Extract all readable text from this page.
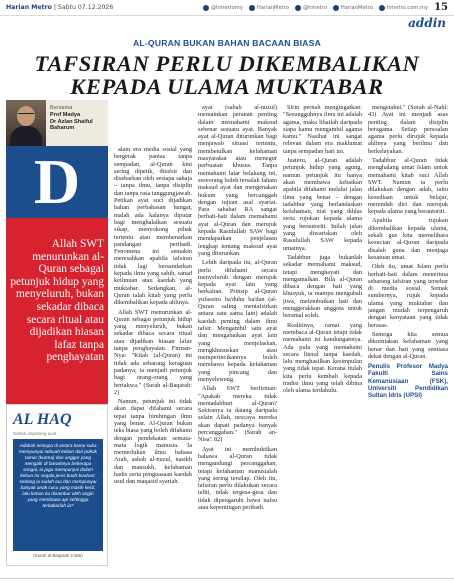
Harian Metro | Sabtu 07.12.2026	@hmetromy	HarianMetro	@hmetro	HarianMetro	hmetro.com.my 15
addin
AL-QURAN BUKAN BAHAN BACAAN BIASA
TAFSIRAN PERLU DIKEMBALIKAN
KEPADA ULAMA MUKTABAR
Bersama
Prof Madya
Dr Azlan Shaiful
Baharum
D
Allah SWT menurunkan al-Quran sebagai petunjuk hidup yang menyeluruh, bukan sekadar dibaca secara ritual atau dijadikan hiasan lafaz tanpa penghayatan
AL HAQ
Sehari sepotong ayat
Adakah sesiapa di antara kamu suka mempunyai sebuah kebun dari pokok tamar (kurma) dan anggur yang mengalir di bawahnya beberapa sungai, ia juga mempunyai dalam kebun itu segala jenis buah-buahan; sedang ia sudah tua dan mempunyai banyak anak cucu yang masih kecil, lalu kebun itu disambar oleh angin yang membawa api sehingga terbakarlah ia?
(Surah al-Baqarah 2:266)

alam era media sosial yang bergerak pantas tanpa sempadan, al-Quran kini sering dipetik, ditafsir dan disebarkan oleh sesiapa sahaja – tanpa ilmu, tanpa disiplin dan tanpa rasa tanggungjawab. Petikan ayat suci dijadikan bahan perbahasan hangat, malah ada kalanya diputar bagi menghalalkan sesuatu sikap, menyokong pihak tertentu atau membenarkan pandangan peribadi. Fenomena ini semakin meresahkan apabila tafsiran tidak lagi bersandarkan kepada ilmu yang sahih, sanad keilmuan atau kaedah yang muktabar. Sedangkan, al-Quran ialah kitab yang perlu dikembalikan kepada ahlinya.

Allah SWT menurunkan al-Quran sebagai petunjuk hidup yang menyeluruh, bukan sekadar dibaca secara ritual atau dijadikan hiasan lafaz tanpa penghayatan. Firman-Nya: "Kitab (al-Quran) ini tidak ada sebarang keraguan padanya; ia menjadi petunjuk bagi orang-orang yang bertakwa." (Surah al-Baqarah: 2)

Namun, petunjuk ini tidak akan dapat difahami secara tepat tanpa bimbingan ilmu yang benar. Al-Quran bukan teks biasa yang boleh difahami dengan pendekatan semata-mata logik manusia. Ia memerlukan ilmu bahasa Arab, asbab al-nuzul, nasikh dan mansukh, kefahaman hadis serta penguasaan kaedah usul dan maqasid syariah.

ayat (sabab al-nuzul) memainkan peranan penting dalam memahami maksud sebenar sesuatu ayat. Banyak ayat al-Quran diturunkan bagi menjawab situasi tertentu, membetulkan kefahaman masyarakat atau menegur perbuatan khusus. Tanpa memahami latar belakang ini, seseorang boleh tersalah faham maksud ayat dan mengenakan hukum yang bercanggah dengan tujuan asal syariat. Para sahabat RA sangat berhati-hati dalam memahami ayat al-Quran dan merujuk kepada Rasulullah SAW bagi mendapatkan penjelasan lengkap tentang maksud ayat yang diturunkan.

Lebih daripada itu, al-Quran perlu difahami secara menyeluruh dengan merujuk kepada ayat lain yang berkaitan. Prinsip al-Quran yufassiru ba'duhu ba'dan (al-Quran saling mentafsirkan antara satu sama lain) adalah kaedah penting dalam ilmu tafsir. Mengambil satu ayat dan mengabaikan ayat lain yang menjelaskan, mengkhususkan atau memperincikannya boleh membawa kepada kefahaman yang pincang dan menyeleweng.

Allah SWT berfirman: "Apakah mereka tidak mentadabburi al-Quran? Sekiranya ia datang daripada selain Allah, nescaya mereka akan dapati padanya banyak percanggahan." (Surah an-Nisa': 82)

Ayat ini membuktikan bahawa al-Quran tidak mengandungi percanggahan, tetapi kefahaman manusialah yang sering tersilap. Oleh itu, tafsiran perlu dilakukan secara teliti, tidak tergesa-gesa dan tidak dipengaruhi hawa nafsu atau kepentingan peribadi.

Sirin pernah mengingatkan: "Sesungguhnya ilmu ini adalah agama, maka lihatlah daripada siapa kamu mengambil agama kamu." Nasihat ini sangat relevan dalam era maklumat tanpa sempadan hari ini.

Justeru, al-Quran adalah petunjuk hidup yang agung, namun petunjuk itu hanya akan membawa kebaikan apabila difahami melalui jalan ilmu yang benar – dengan tadabbur yang berlandaskan kefahaman, niat yang ikhlas serta rujukan kepada ulama yang berautoriti. Inilah jalan yang diwariskan oleh Rasulullah SAW kepada umatnya.

Tadabbur juga bukanlah sekadar memahami maksud, tetapi menghayati dan mengamalkan. Bila al-Quran dibaca dengan hati yang khusyuk, ia mampu mengubah jiwa, melembutkan hati dan menggerakkan anggota untuk beramal soleh.

Realitinya, ramai yang membaca al-Quran tetapi tidak memahami isi kandungannya. Ada pula yang memahami secara literal tanpa kaedah, lalu menghasilkan kesimpulan yang tidak tepat. Kerana itulah kita perlu kembali kepada tradisi ilmu yang telah dibina oleh ulama terdahulu.

mengetahui." (Surah al-Nahl: 43) Ayat ini menjadi asas penting dalam disiplin beragama. Setiap persoalan agama perlu dirujuk kepada ahlinya yang berilmu dan berkelayakan.

Tadabbur al-Quran tidak menghalang umat Islam untuk memahami kitab suci Allah SWT. Namun ia perlu dilakukan dengan adab, iaitu kesediaan untuk belajar, merendah diri dan merujuk kepada ulama yang berautoriti.

Apabila rujukan dikembalikan kepada ulama, sekali gus kita memelihara kesucian al-Quran daripada disalah guna dan menjaga kesatuan umat.

Oleh itu, umat Islam perlu berhati-hati dalam menerima sebarang tafsiran yang tersebar di media sosial. Semak sumbernya, rujuk kepada ulama yang muktabar dan jangan mudah terpengaruh dengan kenyataan yang tidak berasas.

Semoga kita semua dikurniakan kefahaman yang benar dan hati yang sentiasa dekat dengan al-Quran.

Penulis Profesor Madya Fakulti Sains Kemanusiaan (FSK), Universiti Pendidikan Sultan Idris (UPSI)
